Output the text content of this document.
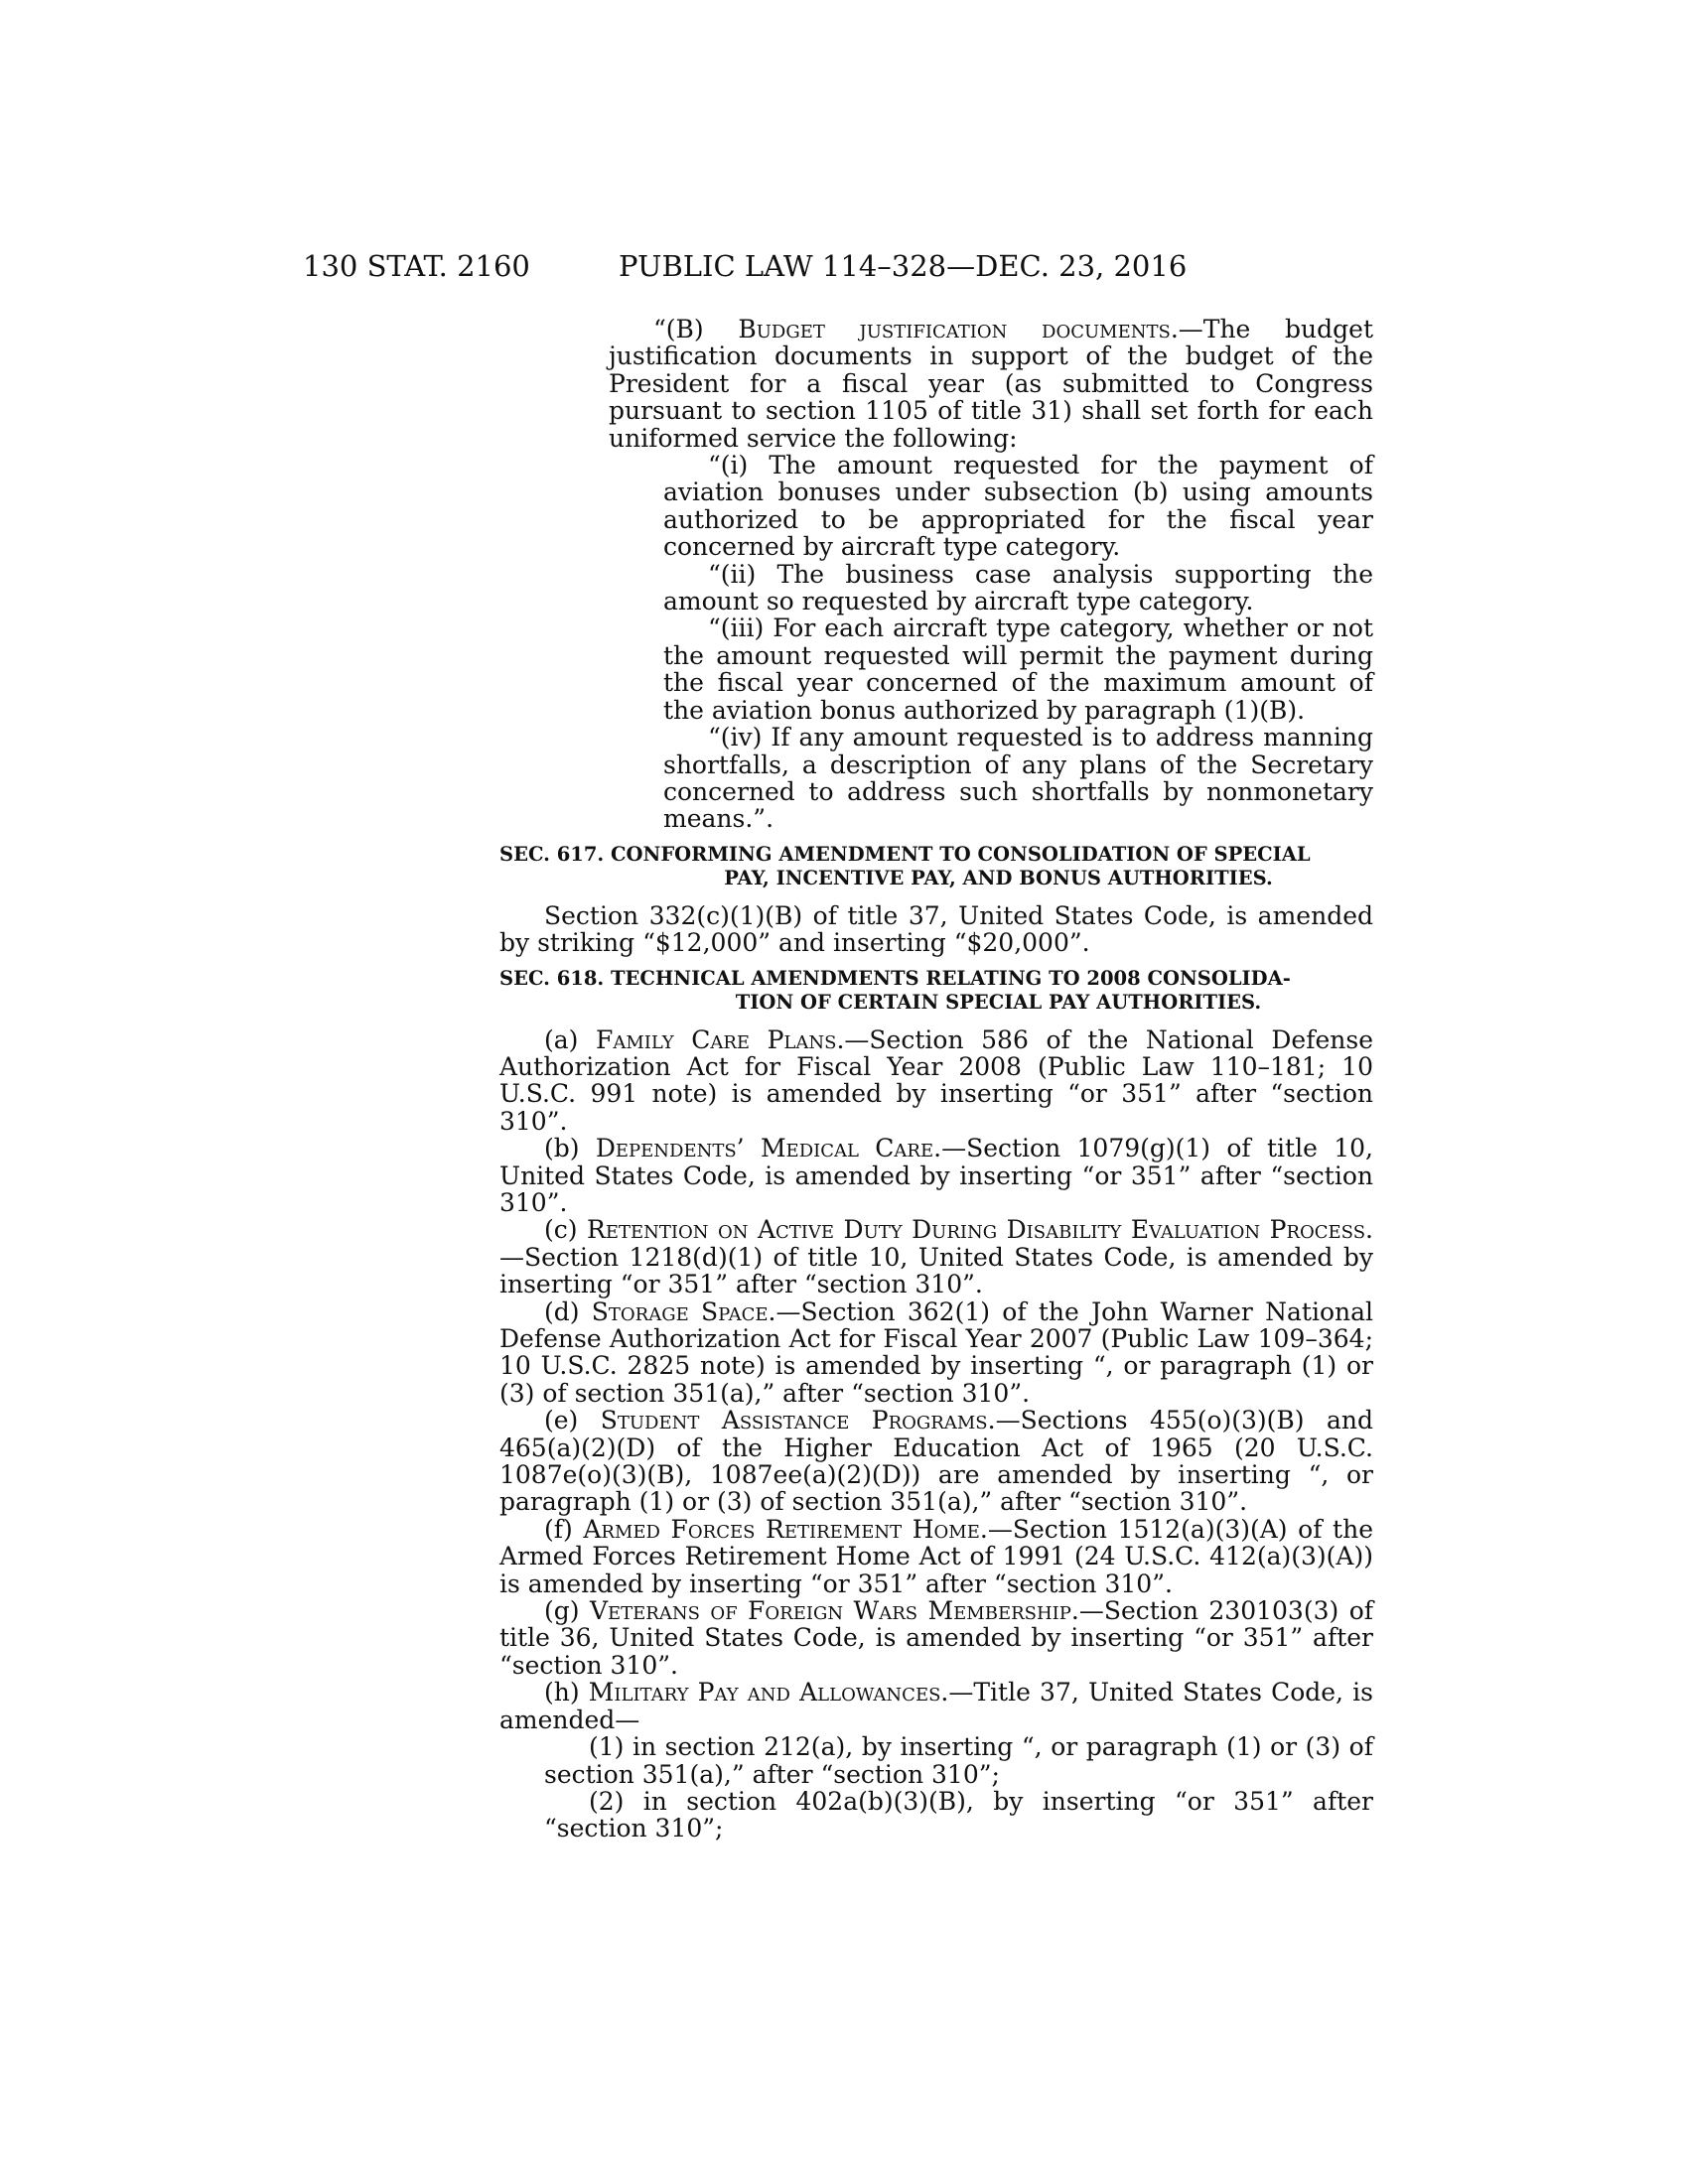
130 STAT. 2160	PUBLIC LAW 114–328—DEC. 23, 2016

“(B) Budget justification documents.—The budget justification documents in support of the budget of the President for a fiscal year (as submitted to Congress pursuant to section 1105 of title 31) shall set forth for each uniformed service the following:

“(i) The amount requested for the payment of aviation bonuses under subsection (b) using amounts authorized to be appropriated for the fiscal year concerned by aircraft type category.

“(ii) The business case analysis supporting the amount so requested by aircraft type category.

“(iii) For each aircraft type category, whether or not the amount requested will permit the payment during the fiscal year concerned of the maximum amount of the aviation bonus authorized by paragraph (1)(B).

“(iv) If any amount requested is to address manning shortfalls, a description of any plans of the Secretary concerned to address such shortfalls by nonmonetary means.”.

SEC. 617. CONFORMING AMENDMENT TO CONSOLIDATION OF SPECIAL
PAY, INCENTIVE PAY, AND BONUS AUTHORITIES.

Section 332(c)(1)(B) of title 37, United States Code, is amended by striking “$12,000” and inserting “$20,000”.

SEC. 618. TECHNICAL AMENDMENTS RELATING TO 2008 CONSOLIDA-
TION OF CERTAIN SPECIAL PAY AUTHORITIES.

(a) Family Care Plans.—Section 586 of the National Defense Authorization Act for Fiscal Year 2008 (Public Law 110–181; 10 U.S.C. 991 note) is amended by inserting “or 351” after “section 310”.

(b) Dependents’ Medical Care.—Section 1079(g)(1) of title 10, United States Code, is amended by inserting “or 351” after “section 310”.

(c) Retention on Active Duty During Disability Evaluation Process.—Section 1218(d)(1) of title 10, United States Code, is amended by inserting “or 351” after “section 310”.

(d) Storage Space.—Section 362(1) of the John Warner National Defense Authorization Act for Fiscal Year 2007 (Public Law 109–364; 10 U.S.C. 2825 note) is amended by inserting “, or paragraph (1) or (3) of section 351(a),” after “section 310”.

(e) Student Assistance Programs.—Sections 455(o)(3)(B) and 465(a)(2)(D) of the Higher Education Act of 1965 (20 U.S.C. 1087e(o)(3)(B), 1087ee(a)(2)(D)) are amended by inserting “, or paragraph (1) or (3) of section 351(a),” after “section 310”.

(f) Armed Forces Retirement Home.—Section 1512(a)(3)(A) of the Armed Forces Retirement Home Act of 1991 (24 U.S.C. 412(a)(3)(A)) is amended by inserting “or 351” after “section 310”.

(g) Veterans of Foreign Wars Membership.—Section 230103(3) of title 36, United States Code, is amended by inserting “or 351” after “section 310”.

(h) Military Pay and Allowances.—Title 37, United States Code, is amended—

(1) in section 212(a), by inserting “, or paragraph (1) or (3) of section 351(a),” after “section 310”;

(2) in section 402a(b)(3)(B), by inserting “or 351” after “section 310”;
